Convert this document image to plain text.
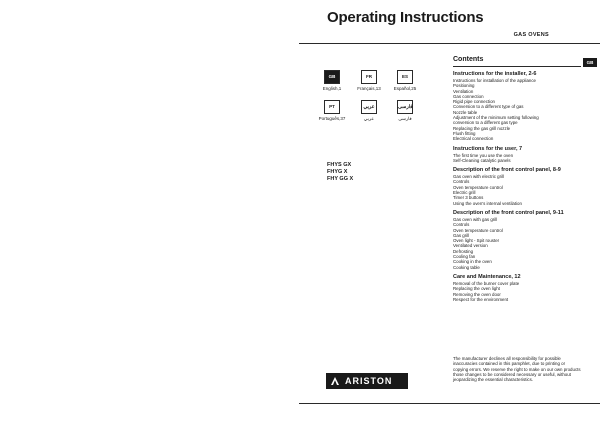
Operating Instructions
GAS OVENS
GB
English,1
FR
Français,13
ES
Español,25
PT
Português,37
عربي
عربي
فارسی
فارسی
FHYS GX
FHYG X
FHY GG X
ARISTON
GB
Contents
Instructions for the installer, 2-6
Instructions for installation of the appliance
Positioning
Ventilation
Gas connection
Rigid pipe connection
Conversion to a different type of gas
Nozzle table
Adjustment of the minimum setting following
conversion to a different gas type
Replacing the gas grill nozzle
Flush fitting
Electrical connection
Instructions for the user, 7
The first time you use the oven
Self-Cleaning catalytic panels
Description of the front control panel, 8-9
Gas oven with electric grill
Controls
Oven temperature control
Electric grill
Timer 3 buttons
Using the oven's internal ventilation
Description of the front control panel, 9-11
Gas oven with gas grill
Controls
Oven temperature control
Gas grill
Oven light - Spit rouster
Ventilated version
Defrosting
Cooling fan
Cooking in the oven
Cooking table
Care and Maintenance, 12
Removal of the burner cover plate
Replacing the oven light
Removing the oven door
Respect for the environment
The manufacturer declines all responsibility for possible inaccuracies contained in this pamphlet, due to printing or copying errors. We reserve the right to make on our own products those changes to be considered necessary or useful, without jeopardizing the essential characteristics.
